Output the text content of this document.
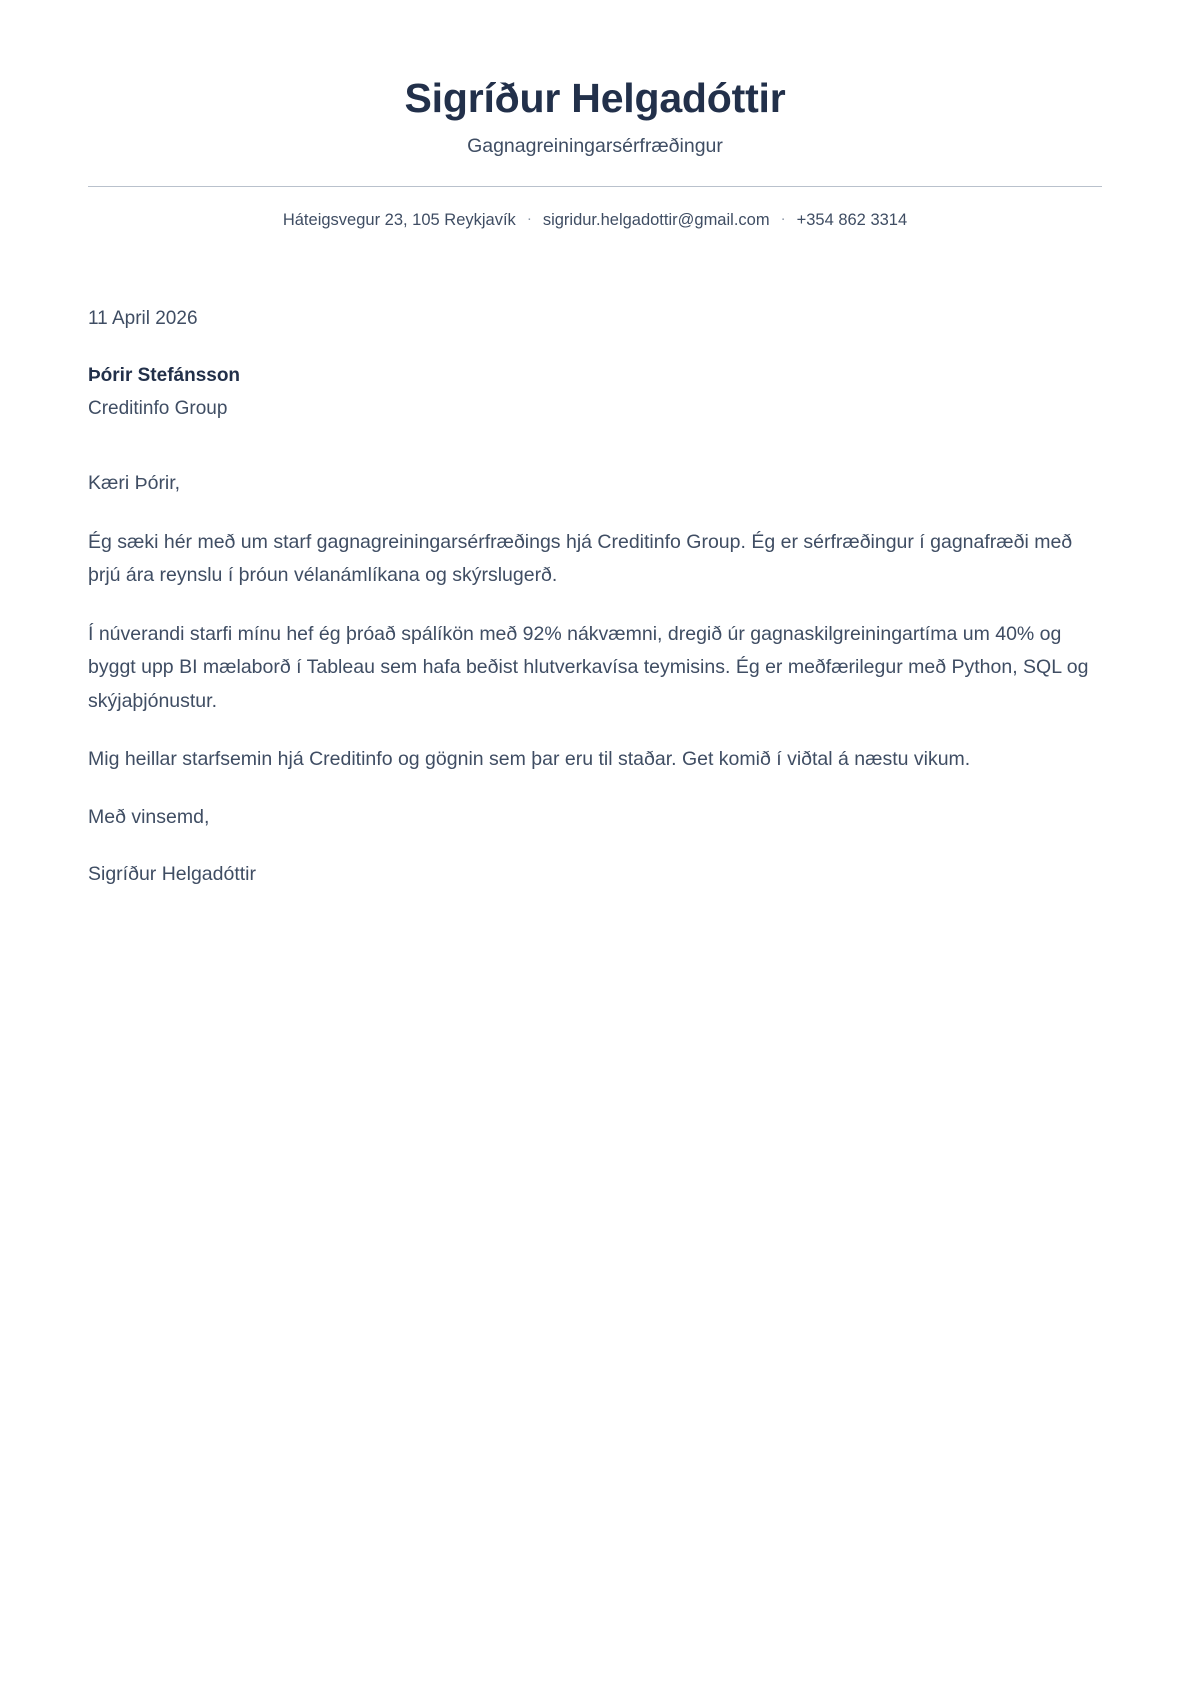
Sigríður Helgadóttir
Gagnagreiningarsérfræðingur
Háteigsvegur 23, 105 Reykjavík · sigridur.helgadottir@gmail.com · +354 862 3314
11 April 2026
Þórir Stefánsson
Creditinfo Group

Kæri Þórir,

Ég sæki hér með um starf gagnagreiningarsérfræðings hjá Creditinfo Group. Ég er sérfræðingur í gagnafræði með þrjú ára reynslu í þróun vélanámlíkana og skýrslugerð.

Í núverandi starfi mínu hef ég þróað spálíkön með 92% nákvæmni, dregið úr gagnaskilgreiningartíma um 40% og byggt upp BI mælaborð í Tableau sem hafa beðist hlutverkavísa teymisins. Ég er meðfærilegur með Python, SQL og skýjaþjónustur.

Mig heillar starfsemin hjá Creditinfo og gögnin sem þar eru til staðar. Get komið í viðtal á næstu vikum.

Með vinsemd,

Sigríður Helgadóttir
